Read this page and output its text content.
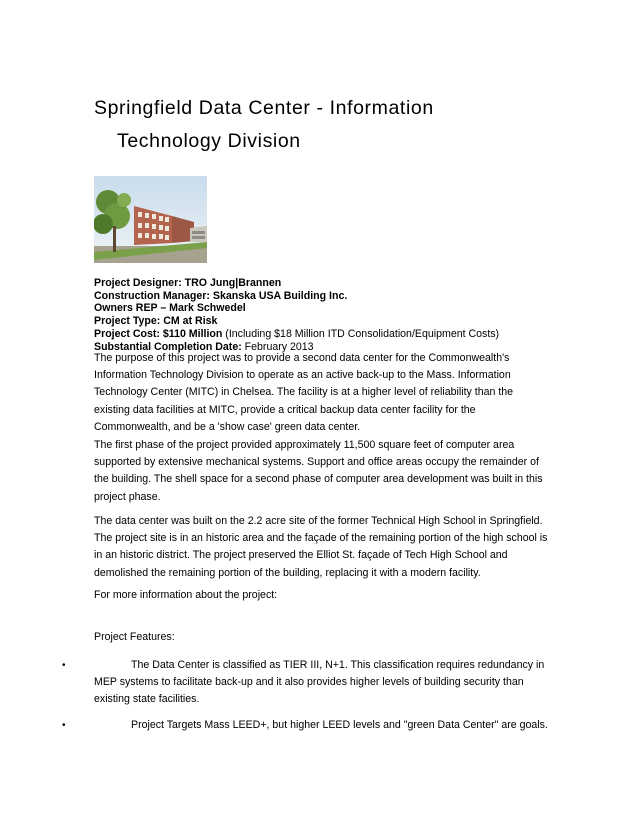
Springfield Data Center - Information
Technology Division
Project Designer: TRO Jung|Brannen
Construction Manager: Skanska USA Building Inc.
Owners REP – Mark Schwedel
Project Type: CM at Risk
Project Cost: $110 Million (Including $18 Million ITD Consolidation/Equipment Costs)
Substantial Completion Date: February 2013

The purpose of this project was to provide a second data center for the Commonwealth's Information Technology Division to operate as an active back-up to the Mass. Information Technology Center (MITC) in Chelsea. The facility is at a higher level of reliability than the existing data facilities at MITC, provide a critical backup data center facility for the Commonwealth, and be a 'show case' green data center.

The first phase of the project provided approximately 11,500 square feet of computer area supported by extensive mechanical systems. Support and office areas occupy the remainder of the building. The shell space for a second phase of computer area development was built in this project phase.

The data center was built on the 2.2 acre site of the former Technical High School in Springfield. The project site is in an historic area and the façade of the remaining portion of the high school is in an historic district. The project preserved the Elliot St. façade of Tech High School and demolished the remaining portion of the building, replacing it with a modern facility.

For more information about the project:

Project Features:

•	The Data Center is classified as TIER III, N+1. This classification requires redundancy in MEP systems to facilitate back-up and it also provides higher levels of building security than existing state facilities.

•	Project Targets Mass LEED+, but higher LEED levels and "green Data Center" are goals.
